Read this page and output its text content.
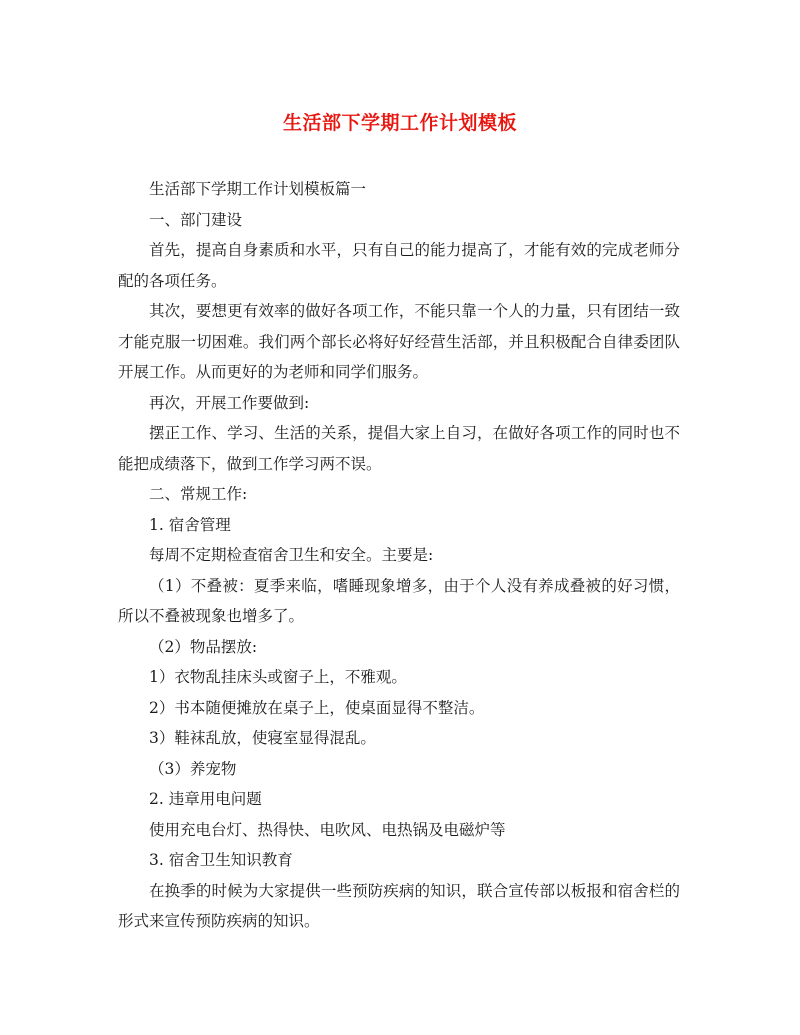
生活部下学期工作计划模板

生活部下学期工作计划模板篇一

一、部门建设

首先，提高自身素质和水平，只有自己的能力提高了，才能有效的完成老师分配的各项任务。

其次，要想更有效率的做好各项工作，不能只靠一个人的力量，只有团结一致才能克服一切困难。我们两个部长必将好好经营生活部，并且积极配合自律委团队开展工作。从而更好的为老师和同学们服务。

再次，开展工作要做到:

摆正工作、学习、生活的关系，提倡大家上自习，在做好各项工作的同时也不能把成绩落下，做到工作学习两不误。

二、常规工作:

1. 宿舍管理

每周不定期检查宿舍卫生和安全。主要是:

（1）不叠被：夏季来临，嗜睡现象增多，由于个人没有养成叠被的好习惯，所以不叠被现象也增多了。

（2）物品摆放:

1）衣物乱挂床头或窗子上，不雅观。

2）书本随便摊放在桌子上，使桌面显得不整洁。

3）鞋袜乱放，使寝室显得混乱。

（3）养宠物

2. 违章用电问题

使用充电台灯、热得快、电吹风、电热锅及电磁炉等

3. 宿舍卫生知识教育

在换季的时候为大家提供一些预防疾病的知识，联合宣传部以板报和宿舍栏的形式来宣传预防疾病的知识。
